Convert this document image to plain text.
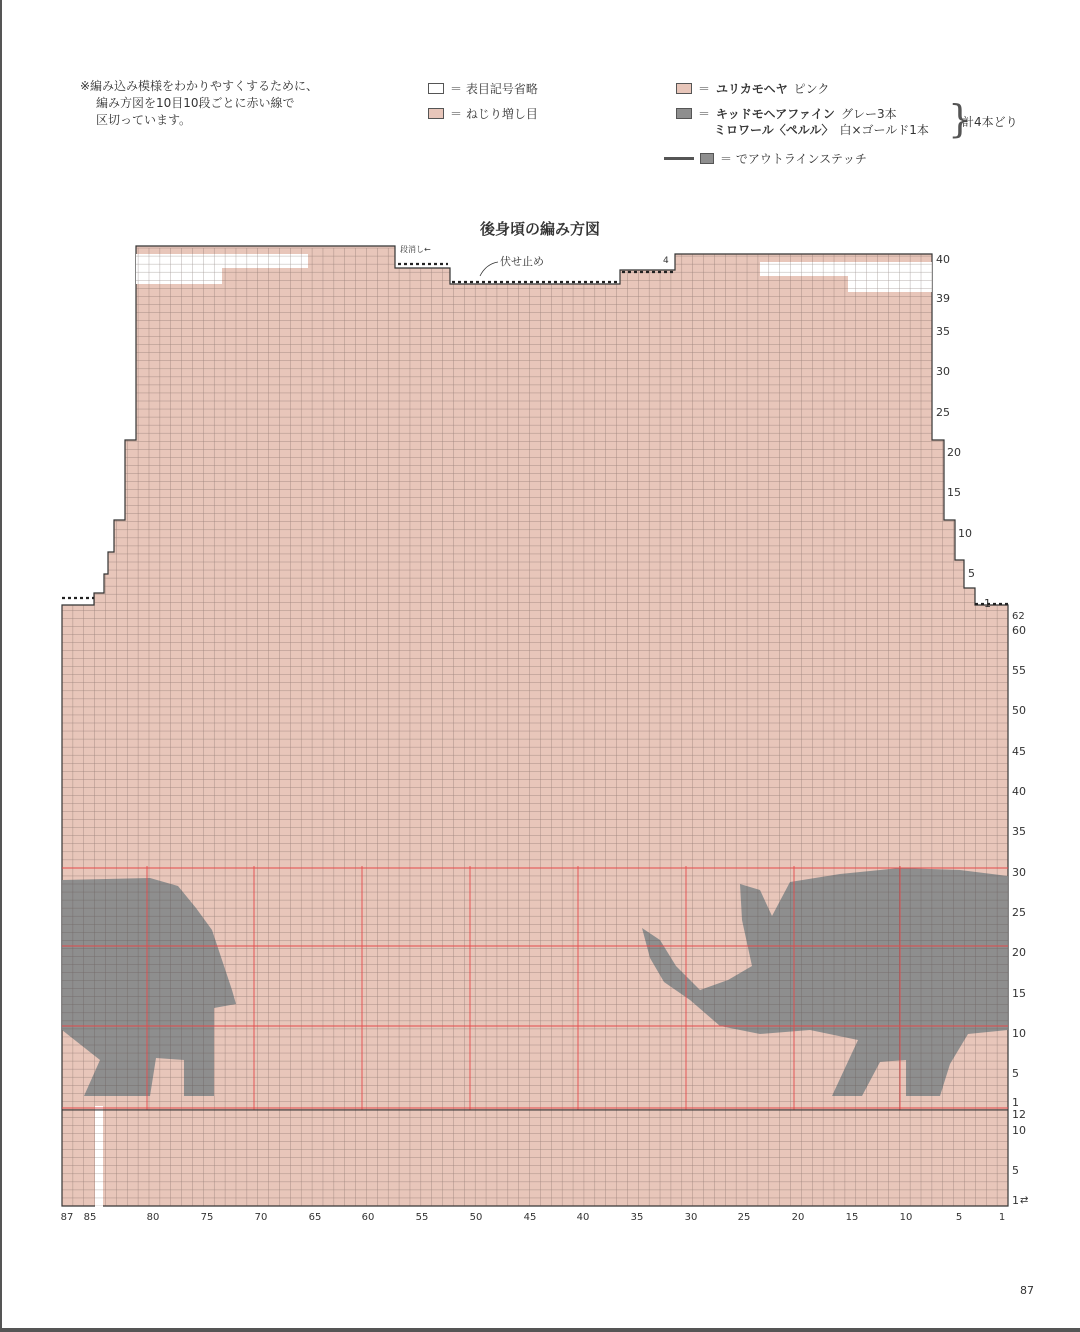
※編み込み模様をわかりやすくするために、
編み方図を10目10段ごとに赤い線で
区切っています。
＝ 表目記号省略
＝ ねじり増し目
＝ ユリカモヘヤ ピンク
＝ キッドモヘアファイン グレー3本
ミロワール〈ペルル〉 白×ゴールド1本 }
計4本どり
＝ でアウトラインステッチ
後身頃の編み方図
段消し←
伏せ止め	4
87 85	80	75	70	65	60	55	50	45	40	35	30	25	20	15	10	5	1
40
39
35
30
25
20
15
10
5
1
62
60
55
50
45
40
35
30
25
20
15
10
5
1
12
10
5
1 ⇄
87
